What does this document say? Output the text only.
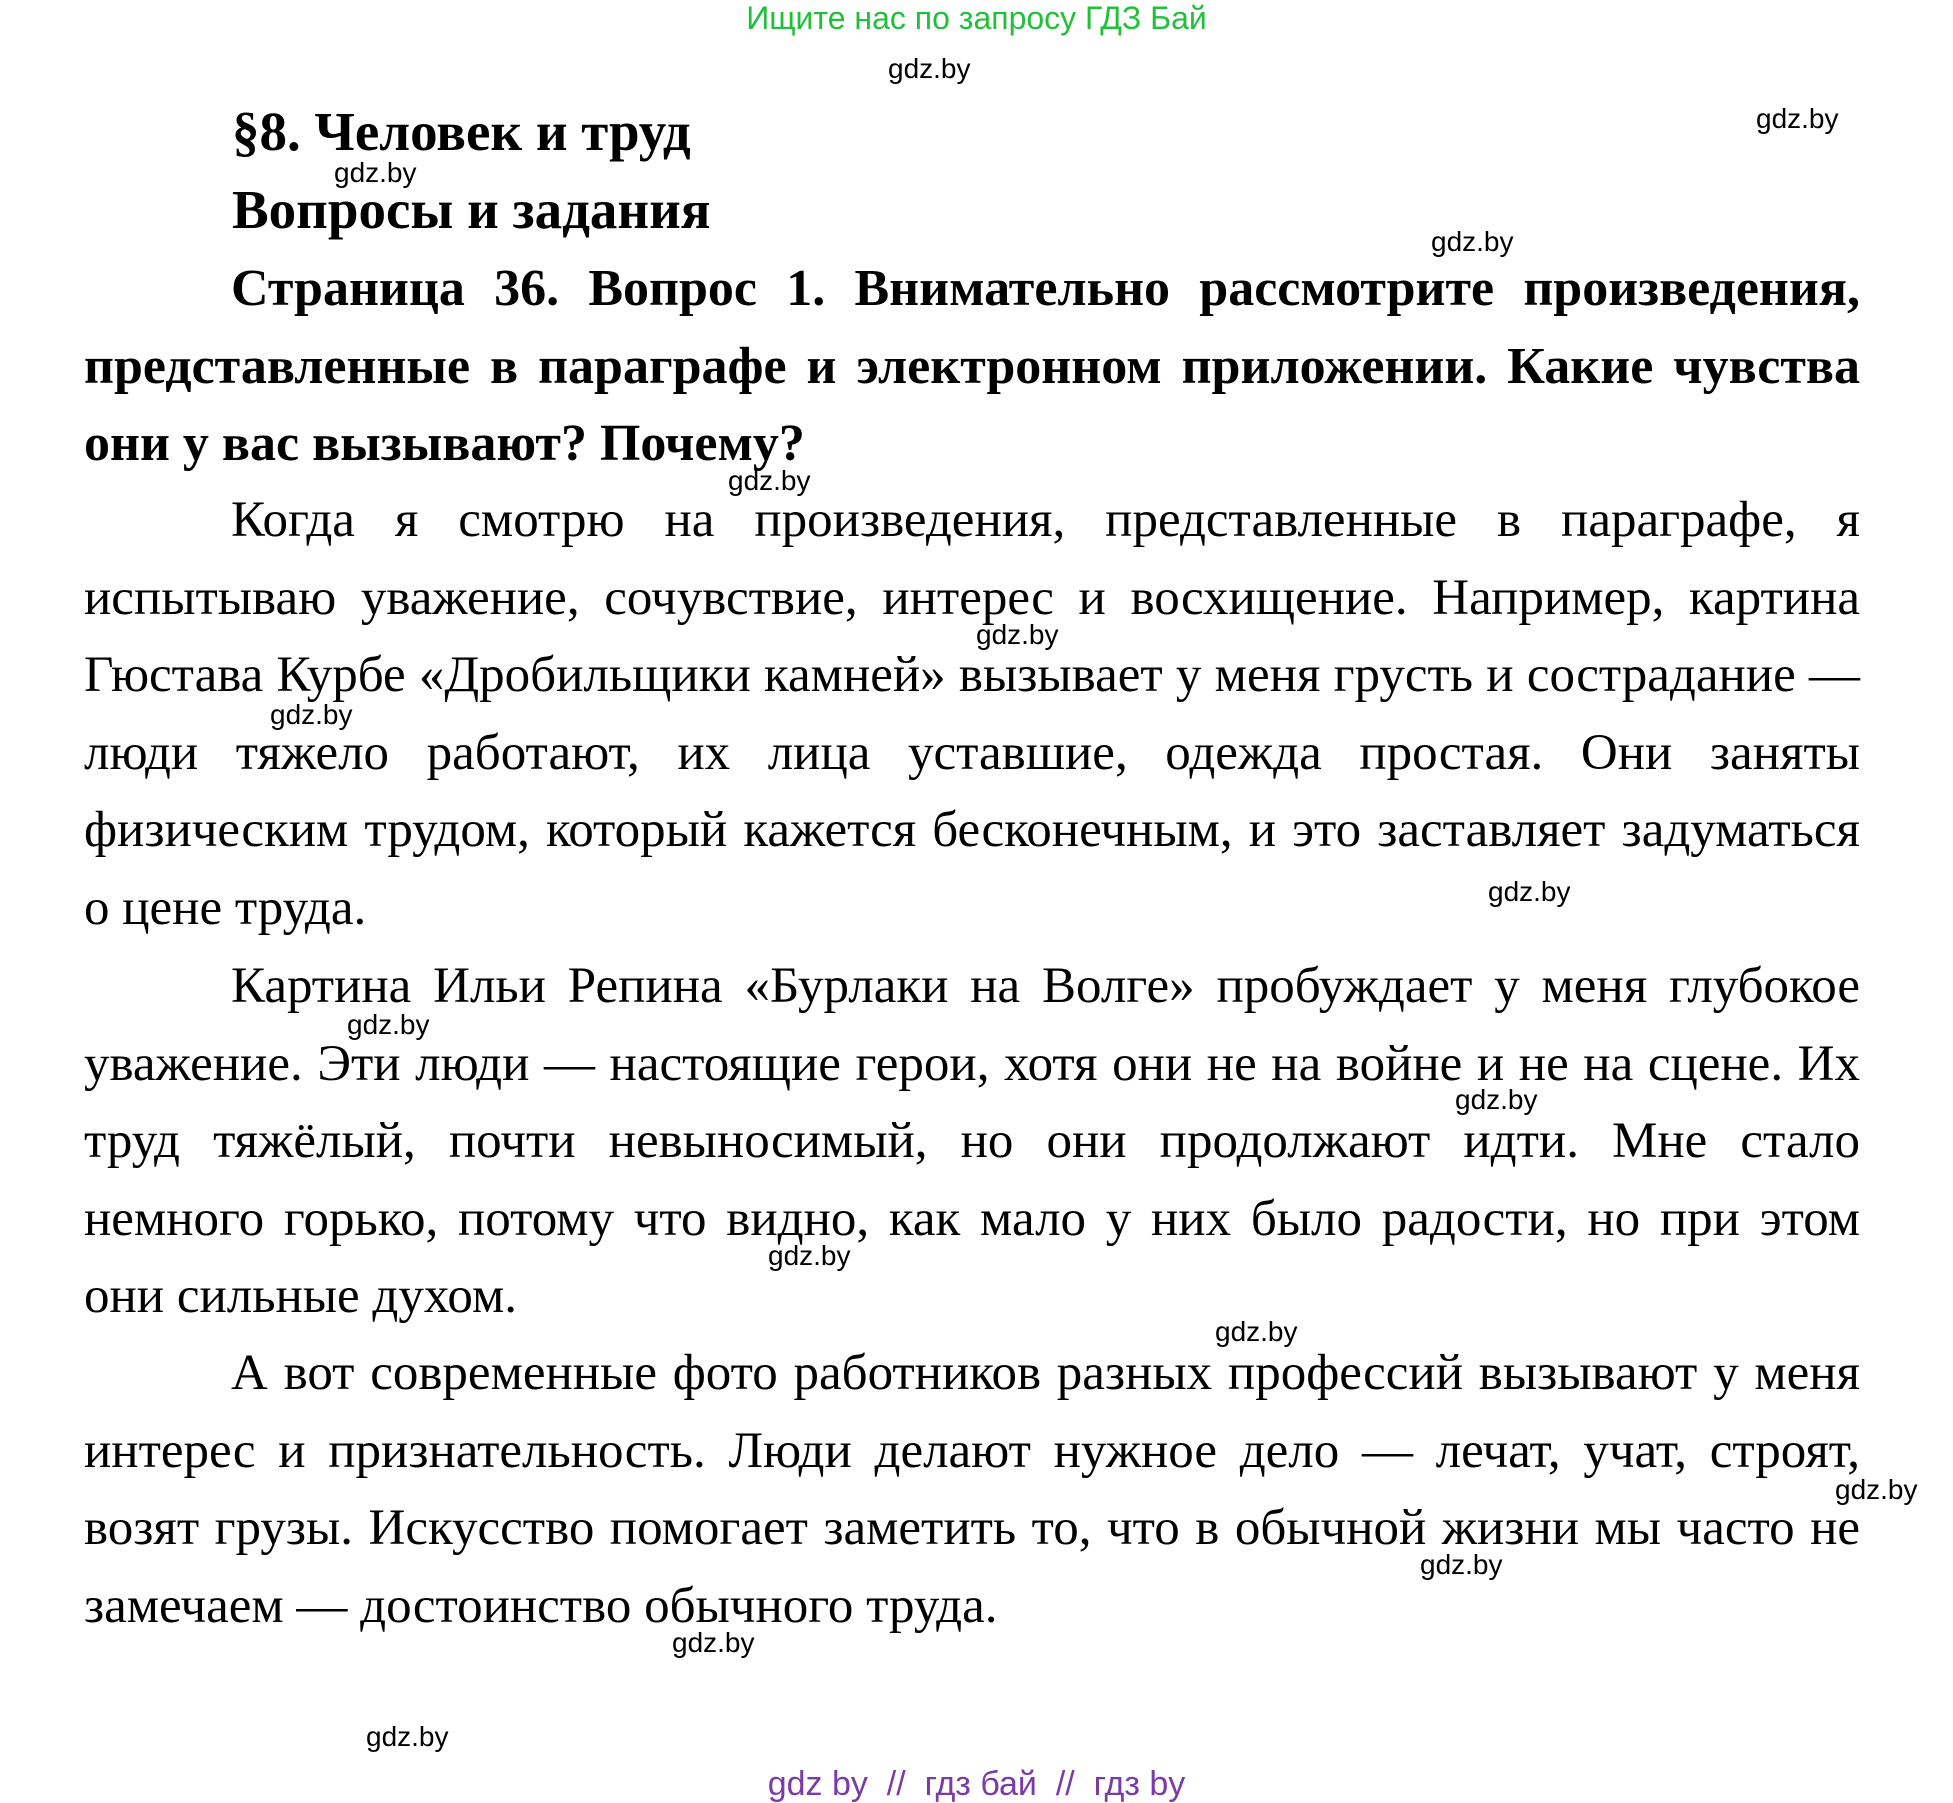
Ищите нас по запросу ГДЗ Бай
§8. Человек и труд
Вопросы и задания

Страница 36. Вопрос 1. Внимательно рассмотрите произведения, представленные в параграфе и электронном приложении. Какие чувства они у вас вызывают? Почему?

Когда я смотрю на произведения, представленные в параграфе, я испытываю уважение, сочувствие, интерес и восхищение. Например, картина Гюстава Курбе «Дробильщики камней» вызывает у меня грусть и сострадание — люди тяжело работают, их лица уставшие, одежда простая. Они заняты физическим трудом, который кажется бесконечным, и это заставляет задуматься о цене труда.

Картина Ильи Репина «Бурлаки на Волге» пробуждает у меня глубокое уважение. Эти люди — настоящие герои, хотя они не на войне и не на сцене. Их труд тяжёлый, почти невыносимый, но они продолжают идти. Мне стало немного горько, потому что видно, как мало у них было радости, но при этом они сильные духом.

А вот современные фото работников разных профессий вызывают у меня интерес и признательность. Люди делают нужное дело — лечат, учат, строят, возят грузы. Искусство помогает заметить то, что в обычной жизни мы часто не замечаем — достоинство обычного труда.

gdz.by
gdz.by
gdz.by
gdz.by
gdz.by
gdz.by
gdz.by
gdz.by
gdz.by
gdz.by
gdz.by
gdz.by
gdz.by
gdz.by
gdz.by
gdz.by
gdz by  //  гдз бай  //  гдз by
